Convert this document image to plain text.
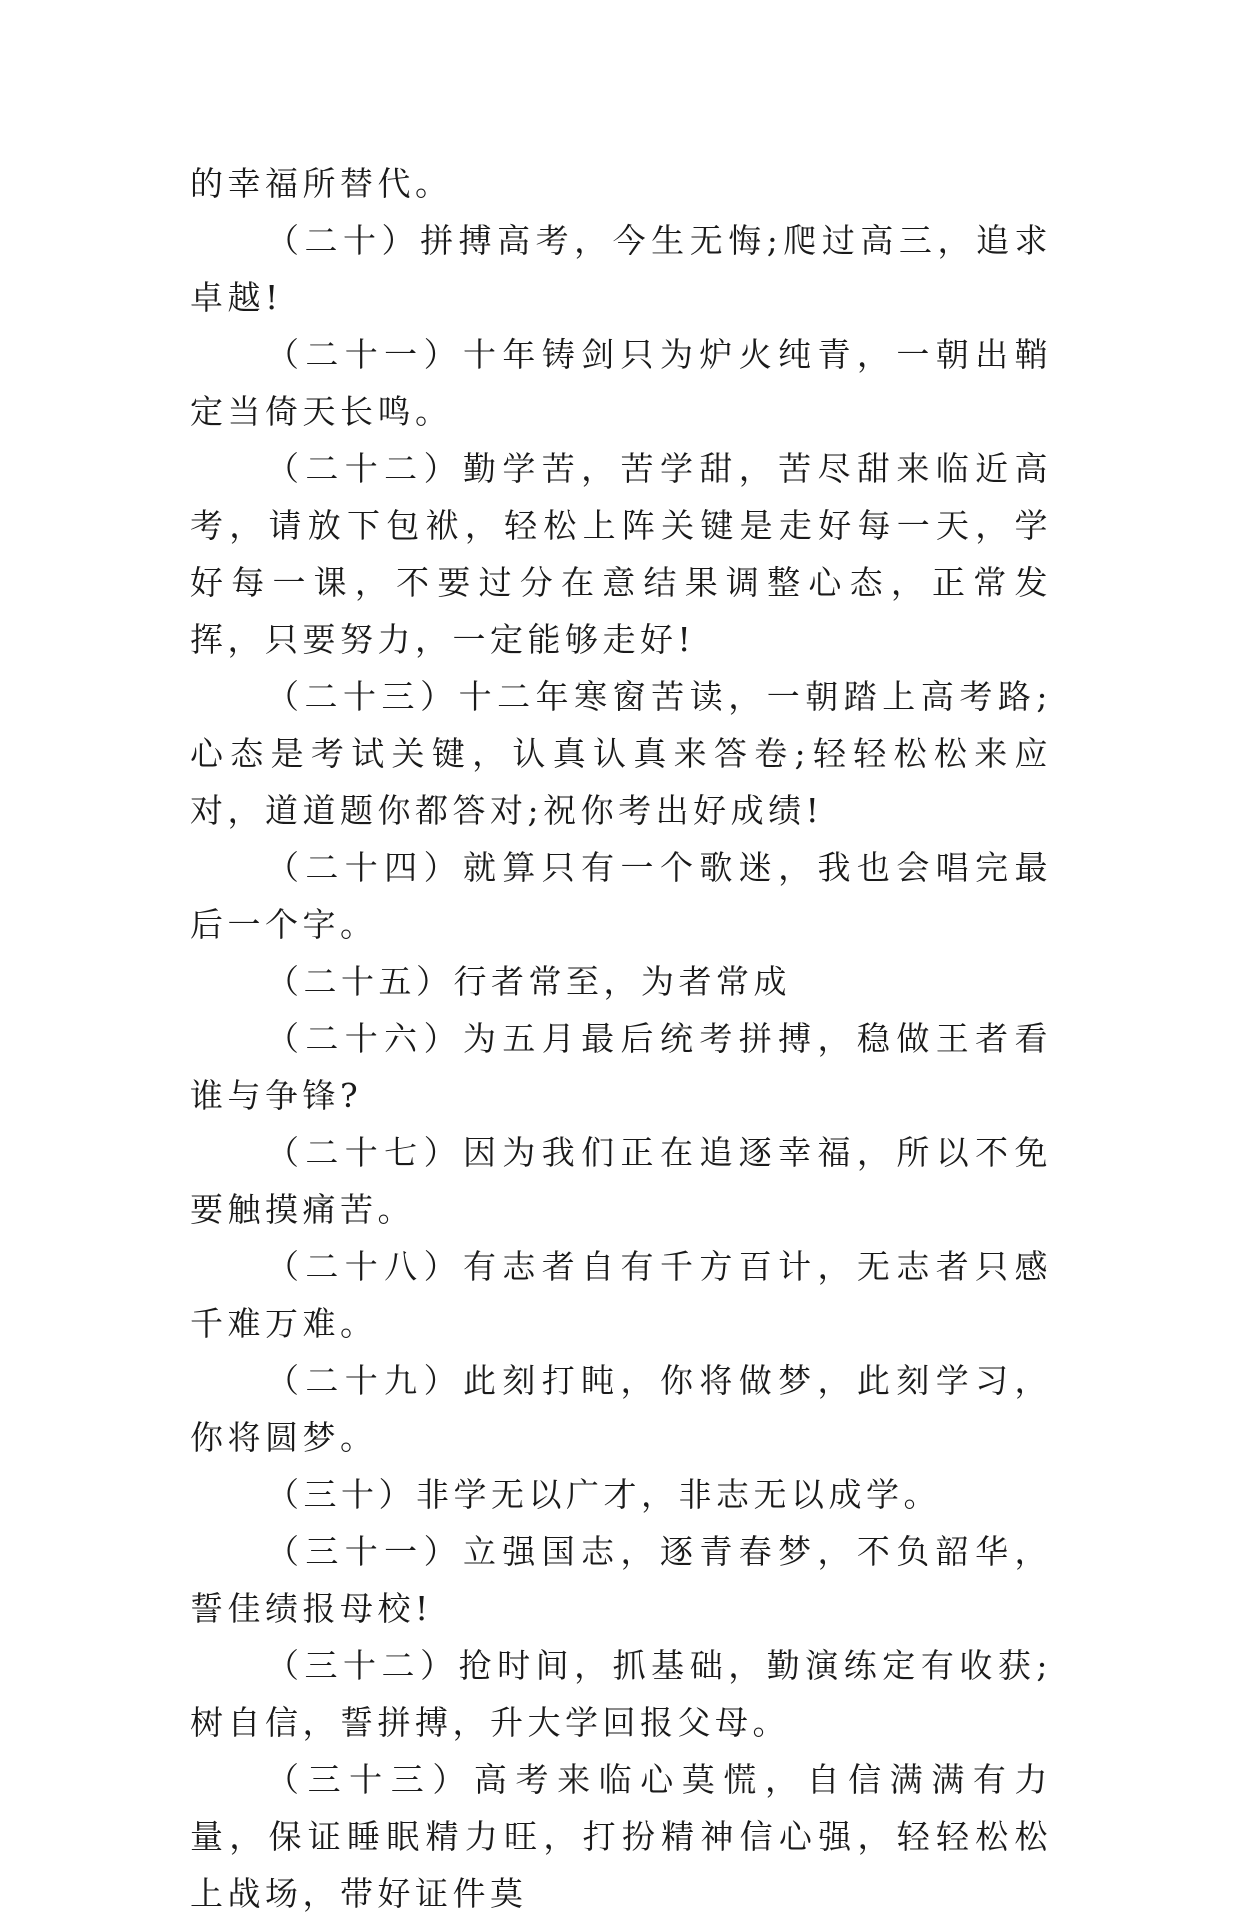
的幸福所替代。

（二十）拼搏高考，今生无悔;爬过高三，追求卓越!

（二十一）十年铸剑只为炉火纯青，一朝出鞘定当倚天长鸣。

（二十二）勤学苦，苦学甜，苦尽甜来临近高考，请放下包袱，轻松上阵关键是走好每一天，学好每一课，不要过分在意结果调整心态，正常发挥，只要努力，一定能够走好!

（二十三）十二年寒窗苦读，一朝踏上高考路;心态是考试关键，认真认真来答卷;轻轻松松来应对，道道题你都答对;祝你考出好成绩!

（二十四）就算只有一个歌迷，我也会唱完最后一个字。

（二十五）行者常至，为者常成

（二十六）为五月最后统考拼搏，稳做王者看谁与争锋?

（二十七）因为我们正在追逐幸福，所以不免要触摸痛苦。

（二十八）有志者自有千方百计，无志者只感千难万难。

（二十九）此刻打盹，你将做梦，此刻学习，你将圆梦。

（三十）非学无以广才，非志无以成学。

（三十一）立强国志，逐青春梦，不负韶华，誓佳绩报母校!

（三十二）抢时间，抓基础，勤演练定有收获;树自信，誓拼搏，升大学回报父母。

（三十三）高考来临心莫慌，自信满满有力量，保证睡眠精力旺，打扮精神信心强，轻轻松松上战场，带好证件莫
